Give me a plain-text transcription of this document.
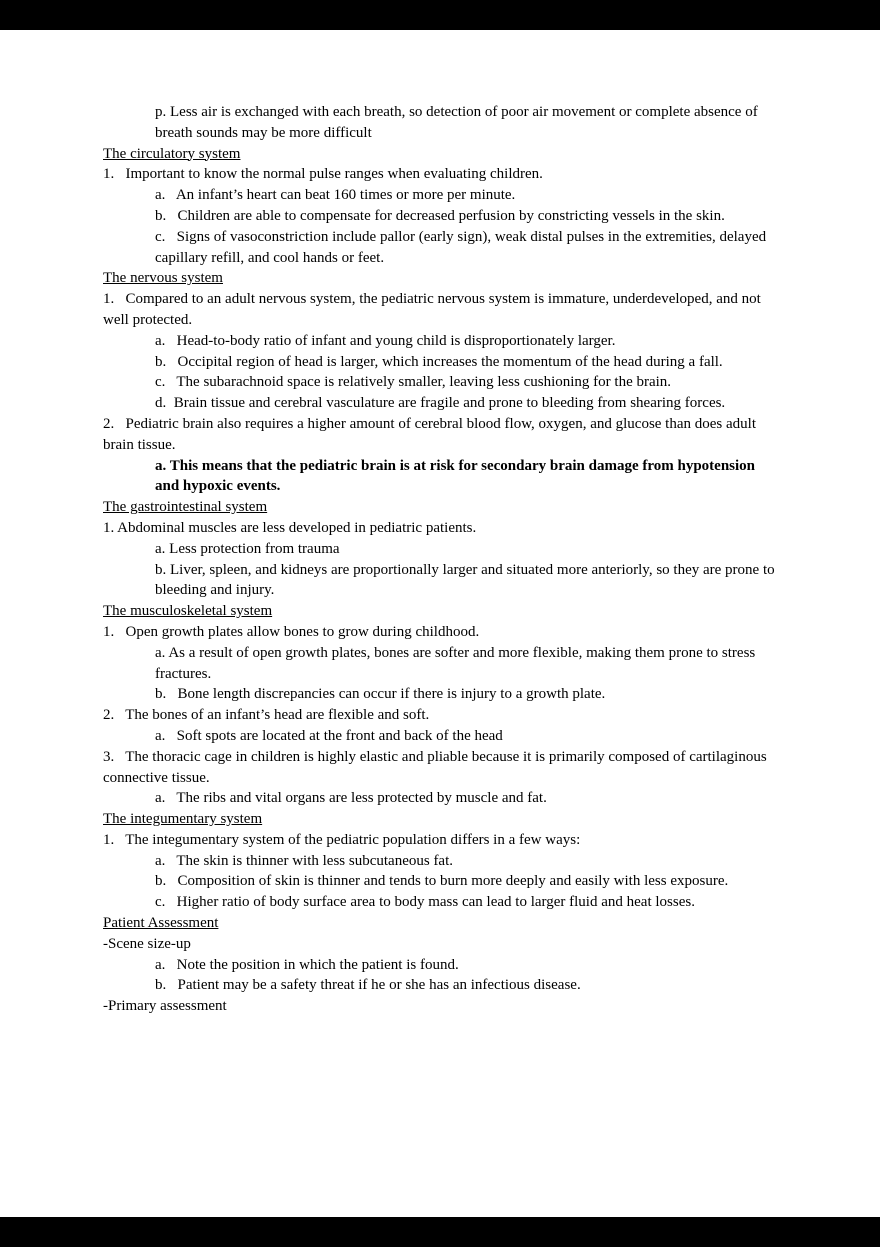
p. Less air is exchanged with each breath, so detection of poor air movement or complete absence of breath sounds may be more difficult
The circulatory system
1.   Important to know the normal pulse ranges when evaluating children.
a.   An infant’s heart can beat 160 times or more per minute.
b.   Children are able to compensate for decreased perfusion by constricting vessels in the skin.
c.   Signs of vasoconstriction include pallor (early sign), weak distal pulses in the extremities, delayed capillary refill, and cool hands or feet.
The nervous system
1.   Compared to an adult nervous system, the pediatric nervous system is immature, underdeveloped, and not well protected.
a.   Head-to-body ratio of infant and young child is disproportionately larger.
b.   Occipital region of head is larger, which increases the momentum of the head during a fall.
c.   The subarachnoid space is relatively smaller, leaving less cushioning for the brain.
d.  Brain tissue and cerebral vasculature are fragile and prone to bleeding from shearing forces.
2.   Pediatric brain also requires a higher amount of cerebral blood flow, oxygen, and glucose than does adult brain tissue.
a. This means that the pediatric brain is at risk for secondary brain damage from hypotension and hypoxic events.
The gastrointestinal system
1. Abdominal muscles are less developed in pediatric patients.
a. Less protection from trauma
b. Liver, spleen, and kidneys are proportionally larger and situated more anteriorly, so they are prone to bleeding and injury.
The musculoskeletal system
1.   Open growth plates allow bones to grow during childhood.
a. As a result of open growth plates, bones are softer and more flexible, making them prone to stress fractures.
b.   Bone length discrepancies can occur if there is injury to a growth plate.
2.   The bones of an infant’s head are flexible and soft.
a.   Soft spots are located at the front and back of the head
3.   The thoracic cage in children is highly elastic and pliable because it is primarily composed of cartilaginous connective tissue.
a.   The ribs and vital organs are less protected by muscle and fat.
The integumentary system
1.   The integumentary system of the pediatric population differs in a few ways:
a.   The skin is thinner with less subcutaneous fat.
b.   Composition of skin is thinner and tends to burn more deeply and easily with less exposure.
c.   Higher ratio of body surface area to body mass can lead to larger fluid and heat losses.
Patient Assessment
-Scene size-up
a.   Note the position in which the patient is found.
b.   Patient may be a safety threat if he or she has an infectious disease.
-Primary assessment
